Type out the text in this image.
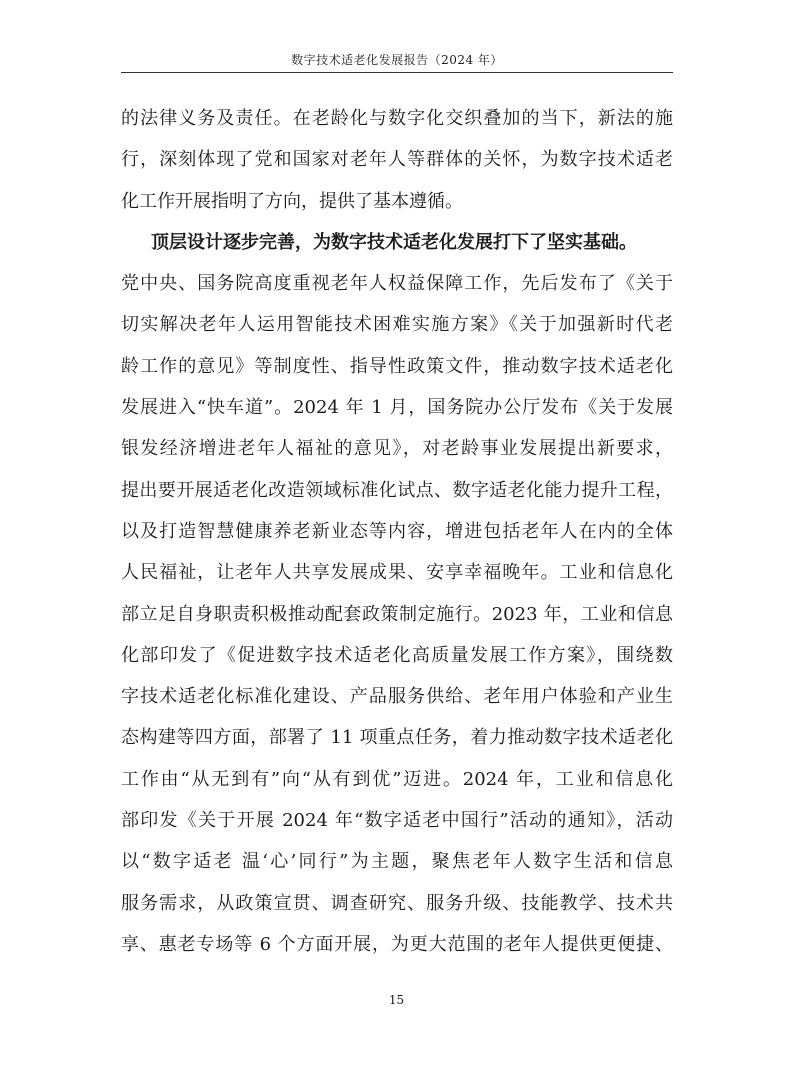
数字技术适老化发展报告（2024 年）
的法律义务及责任。在老龄化与数字化交织叠加的当下，新法的施
行，深刻体现了党和国家对老年人等群体的关怀，为数字技术适老
化工作开展指明了方向，提供了基本遵循。
顶层设计逐步完善，为数字技术适老化发展打下了坚实基础。
党中央、国务院高度重视老年人权益保障工作，先后发布了《关于
切实解决老年人运用智能技术困难实施方案》《关于加强新时代老
龄工作的意见》等制度性、指导性政策文件，推动数字技术适老化
发展进入“快车道”。2024 年 1 月，国务院办公厅发布《关于发展
银发经济增进老年人福祉的意见》，对老龄事业发展提出新要求，
提出要开展适老化改造领域标准化试点、数字适老化能力提升工程，
以及打造智慧健康养老新业态等内容，增进包括老年人在内的全体
人民福祉，让老年人共享发展成果、安享幸福晚年。工业和信息化
部立足自身职责积极推动配套政策制定施行。2023 年，工业和信息
化部印发了《促进数字技术适老化高质量发展工作方案》，围绕数
字技术适老化标准化建设、产品服务供给、老年用户体验和产业生
态构建等四方面，部署了 11 项重点任务，着力推动数字技术适老化
工作由“从无到有”向“从有到优”迈进。2024 年，工业和信息化
部印发《关于开展 2024 年“数字适老中国行”活动的通知》，活动
以“数字适老 温‘心’同行”为主题，聚焦老年人数字生活和信息
服务需求，从政策宣贯、调查研究、服务升级、技能教学、技术共
享、惠老专场等 6 个方面开展，为更大范围的老年人提供更便捷、
15
